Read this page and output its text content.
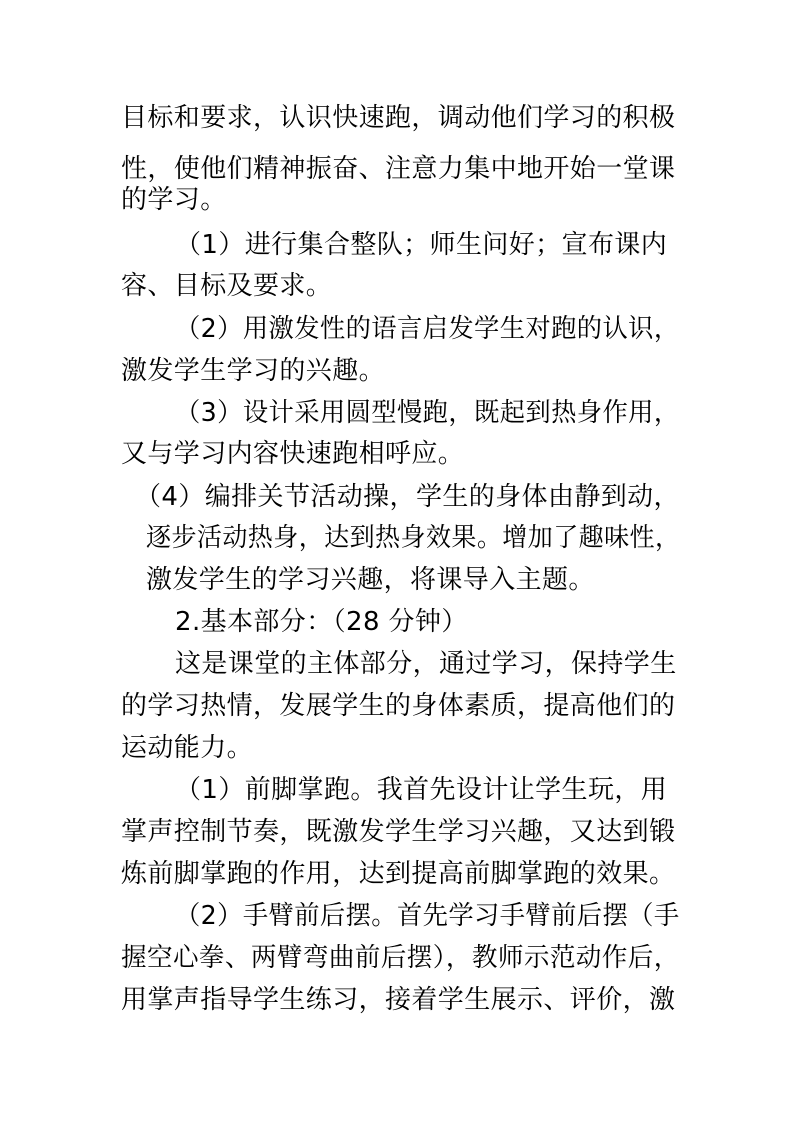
目标和要求，认识快速跑，调动他们学习的积极
性，使他们精神振奋、注意力集中地开始一堂课
的学习。
（1）进行集合整队；师生问好；宣布课内
容、目标及要求。
（2）用激发性的语言启发学生对跑的认识，
激发学生学习的兴趣。
（3）设计采用圆型慢跑，既起到热身作用，
又与学习内容快速跑相呼应。
（4）编排关节活动操，学生的身体由静到动，
逐步活动热身，达到热身效果。增加了趣味性，
激发学生的学习兴趣，将课导入主题。
2.基本部分：（28 分钟）
这是课堂的主体部分，通过学习，保持学生
的学习热情，发展学生的身体素质，提高他们的
运动能力。
（1）前脚掌跑。我首先设计让学生玩，用
掌声控制节奏，既激发学生学习兴趣，又达到锻
炼前脚掌跑的作用，达到提高前脚掌跑的效果。
（2）手臂前后摆。首先学习手臂前后摆（手
握空心拳、两臂弯曲前后摆），教师示范动作后，
用掌声指导学生练习，接着学生展示、评价，激
